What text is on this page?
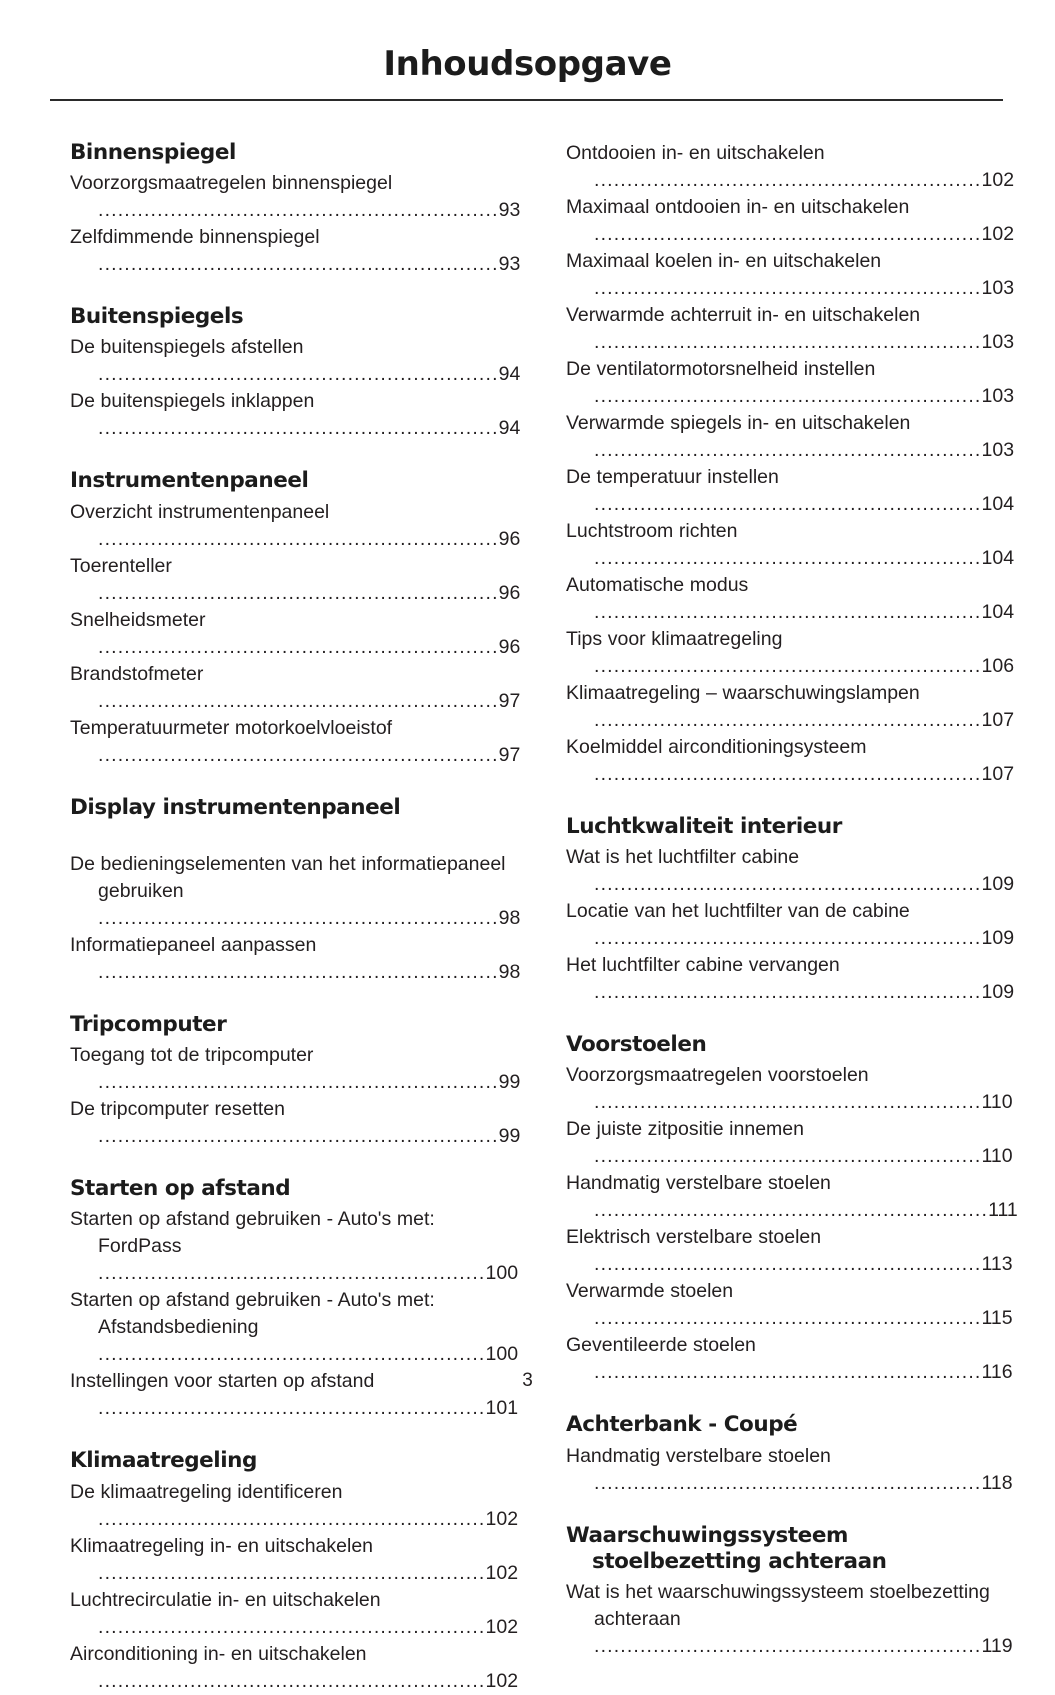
Inhoudsopgave
Binnenspiegel
Voorzorgsmaatregelen binnenspiegel .............................................................93
Zelfdimmende binnenspiegel .............................................................93
Buitenspiegels
De buitenspiegels afstellen .............................................................94
De buitenspiegels inklappen .............................................................94
Instrumentenpaneel
Overzicht instrumentenpaneel .............................................................96
Toerenteller .............................................................96
Snelheidsmeter .............................................................96
Brandstofmeter .............................................................97
Temperatuurmeter motorkoelvloeistof .............................................................97
Display instrumentenpaneel
De bedieningselementen van het informatiepaneel gebruiken .............................................................98
Informatiepaneel aanpassen .............................................................98
Tripcomputer
Toegang tot de tripcomputer .............................................................99
De tripcomputer resetten .............................................................99
Starten op afstand
Starten op afstand gebruiken - Auto's met: FordPass ...........................................................100
Starten op afstand gebruiken - Auto's met: Afstandsbediening ...........................................................100
Instellingen voor starten op afstand ...........................................................101
Klimaatregeling
De klimaatregeling identificeren ...........................................................102
Klimaatregeling in- en uitschakelen ...........................................................102
Luchtrecirculatie in- en uitschakelen ...........................................................102
Airconditioning in- en uitschakelen ...........................................................102
Ontdooien in- en uitschakelen ...........................................................102
Maximaal ontdooien in- en uitschakelen ...........................................................102
Maximaal koelen in- en uitschakelen ...........................................................103
Verwarmde achterruit in- en uitschakelen ...........................................................103
De ventilatormotorsnelheid instellen ...........................................................103
Verwarmde spiegels in- en uitschakelen ...........................................................103
De temperatuur instellen ...........................................................104
Luchtstroom richten ...........................................................104
Automatische modus ...........................................................104
Tips voor klimaatregeling ...........................................................106
Klimaatregeling – waarschuwingslampen ...........................................................107
Koelmiddel airconditioningsysteem ...........................................................107
Luchtkwaliteit interieur
Wat is het luchtfilter cabine ...........................................................109
Locatie van het luchtfilter van de cabine ...........................................................109
Het luchtfilter cabine vervangen ...........................................................109
Voorstoelen
Voorzorgsmaatregelen voorstoelen ...........................................................110
De juiste zitpositie innemen ...........................................................110
Handmatig verstelbare stoelen ............................................................111
Elektrisch verstelbare stoelen ...........................................................113
Verwarmde stoelen ...........................................................115
Geventileerde stoelen ...........................................................116
Achterbank - Coupé
Handmatig verstelbare stoelen ...........................................................118
Waarschuwingssysteem stoelbezetting achteraan
Wat is het waarschuwingssysteem stoelbezetting achteraan ...........................................................119
3
